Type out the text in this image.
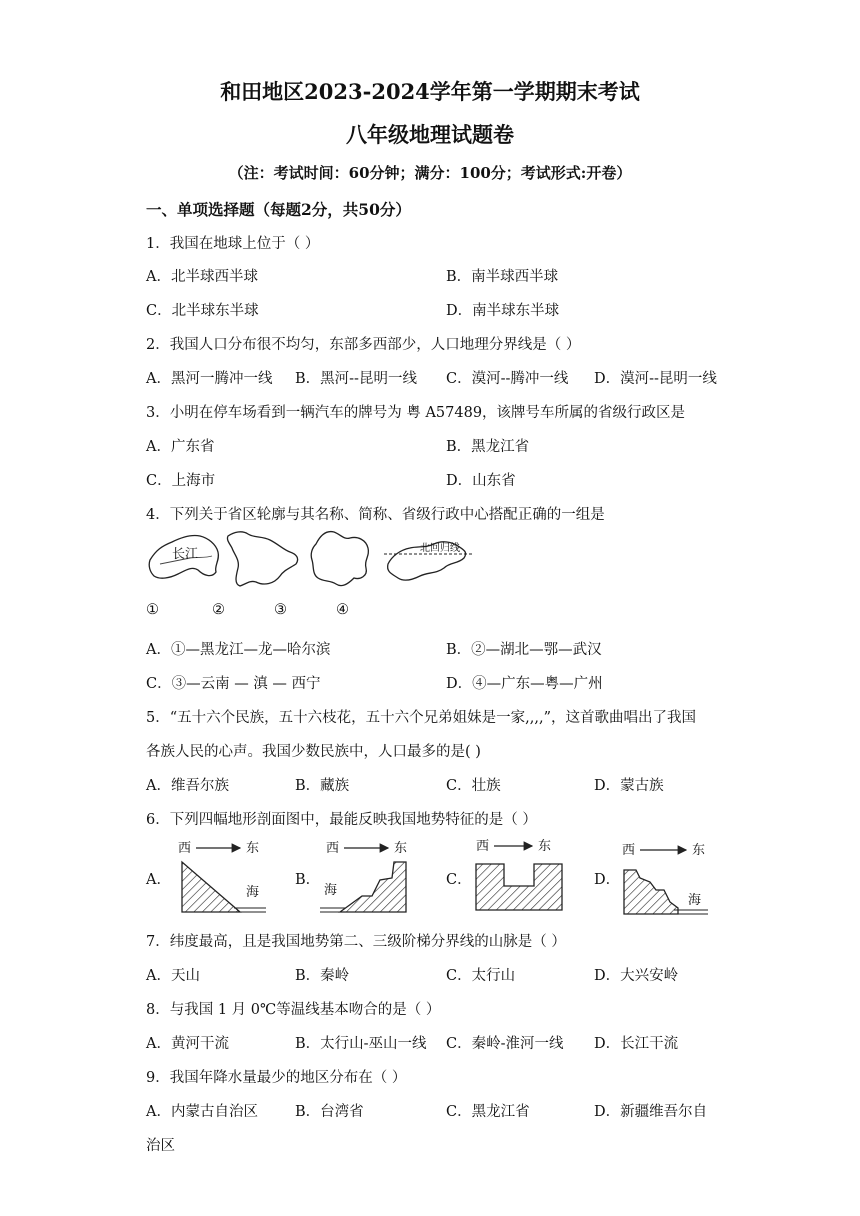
和田地区2023-2024学年第一学期期末考试
八年级地理试题卷
（注：考试时间：60分钟；满分：100分；考试形式:开卷）
一、单项选择题（每题2分，共50分）
1．我国在地球上位于（ ）
A．北半球西半球	B．南半球西半球
C．北半球东半球	D．南半球东半球
2．我国人口分布很不均匀，东部多西部少，人口地理分界线是（ ）
A．黑河一腾冲一线 B．黑河--昆明一线 C．漠河--腾冲一线 D．漠河--昆明一线
3．小明在停车场看到一辆汽车的牌号为 粤 A57489，该牌号车所属的省级行政区是
A．广东省	B．黑龙江省
C．上海市	D．山东省
4．下列关于省区轮廓与其名称、简称、省级行政中心搭配正确的一组是
长江	北回归线
①	②	③	④
A．①—黑龙江—龙—哈尔滨	B．②—湖北—鄂—武汉
C．③—云南 — 滇 — 西宁	D．④—广东—粤—广州
5．“五十六个民族，五十六枝花，五十六个兄弟姐妹是一家,,,,”，这首歌曲唱出了我国
各族人民的心声。我国少数民族中，人口最多的是( )
A．维吾尔族	B．藏族	C．壮族	D．蒙古族
6．下列四幅地形剖面图中，最能反映我国地势特征的是（ ）
A．
西	东
海
B．
西	东
海
C．
西	东
D．
西	东
海
7．纬度最高，且是我国地势第二、三级阶梯分界线的山脉是（ ）
A．天山	B．秦岭	C．太行山	D．大兴安岭
8．与我国 1 月 0℃等温线基本吻合的是（ ）
A．黄河干流	B．太行山-巫山一线 C．秦岭-淮河一线 D．长江干流
9．我国年降水量最少的地区分布在（ ）
A．内蒙古自治区	B．台湾省	C．黑龙江省	D．新疆维吾尔自
治区
